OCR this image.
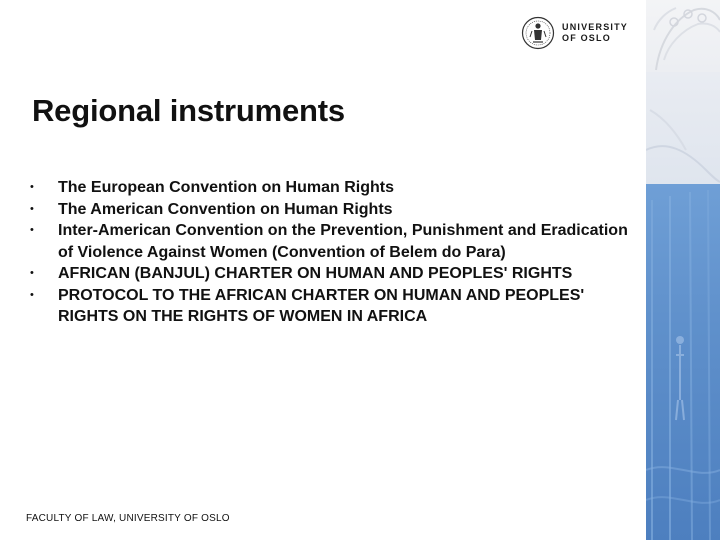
UNIVERSITY
OF OSLO
Regional instruments
• The European Convention on Human Rights
• The American Convention on Human Rights
• Inter-American Convention on the Prevention, Punishment and Eradication of Violence Against Women (Convention of Belem do Para)
• AFRICAN (BANJUL) CHARTER ON HUMAN AND PEOPLES' RIGHTS
• PROTOCOL TO THE AFRICAN CHARTER ON HUMAN AND PEOPLES' RIGHTS ON THE RIGHTS OF WOMEN IN AFRICA
FACULTY OF LAW, UNIVERSITY OF OSLO
